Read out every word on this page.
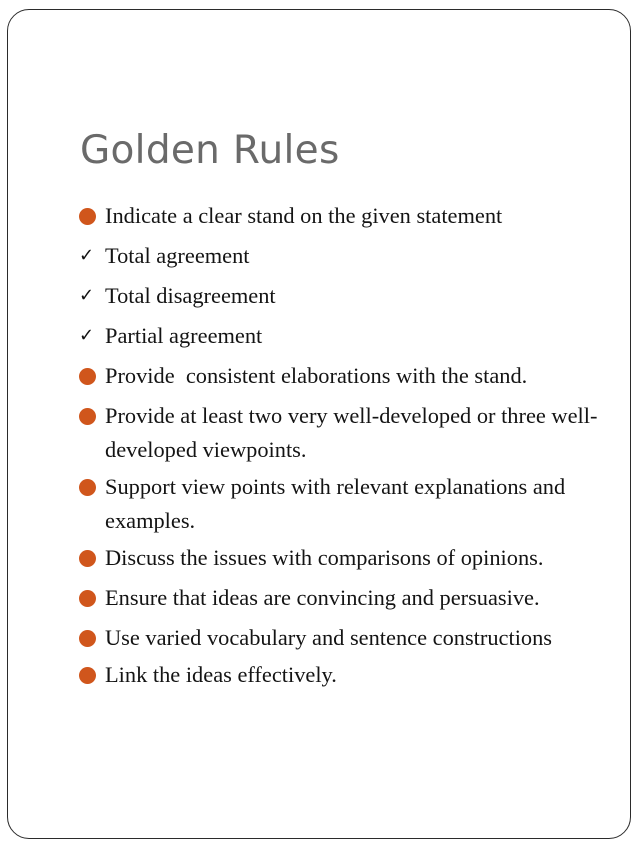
Golden Rules
Indicate a clear stand on the given statement
✓ Total agreement
✓ Total disagreement
✓ Partial agreement
Provide  consistent elaborations with the stand.
Provide at least two very well-developed or three well-developed viewpoints.
Support view points with relevant explanations and examples.
Discuss the issues with comparisons of opinions.
Ensure that ideas are convincing and persuasive.
Use varied vocabulary and sentence constructions
Link the ideas effectively.
